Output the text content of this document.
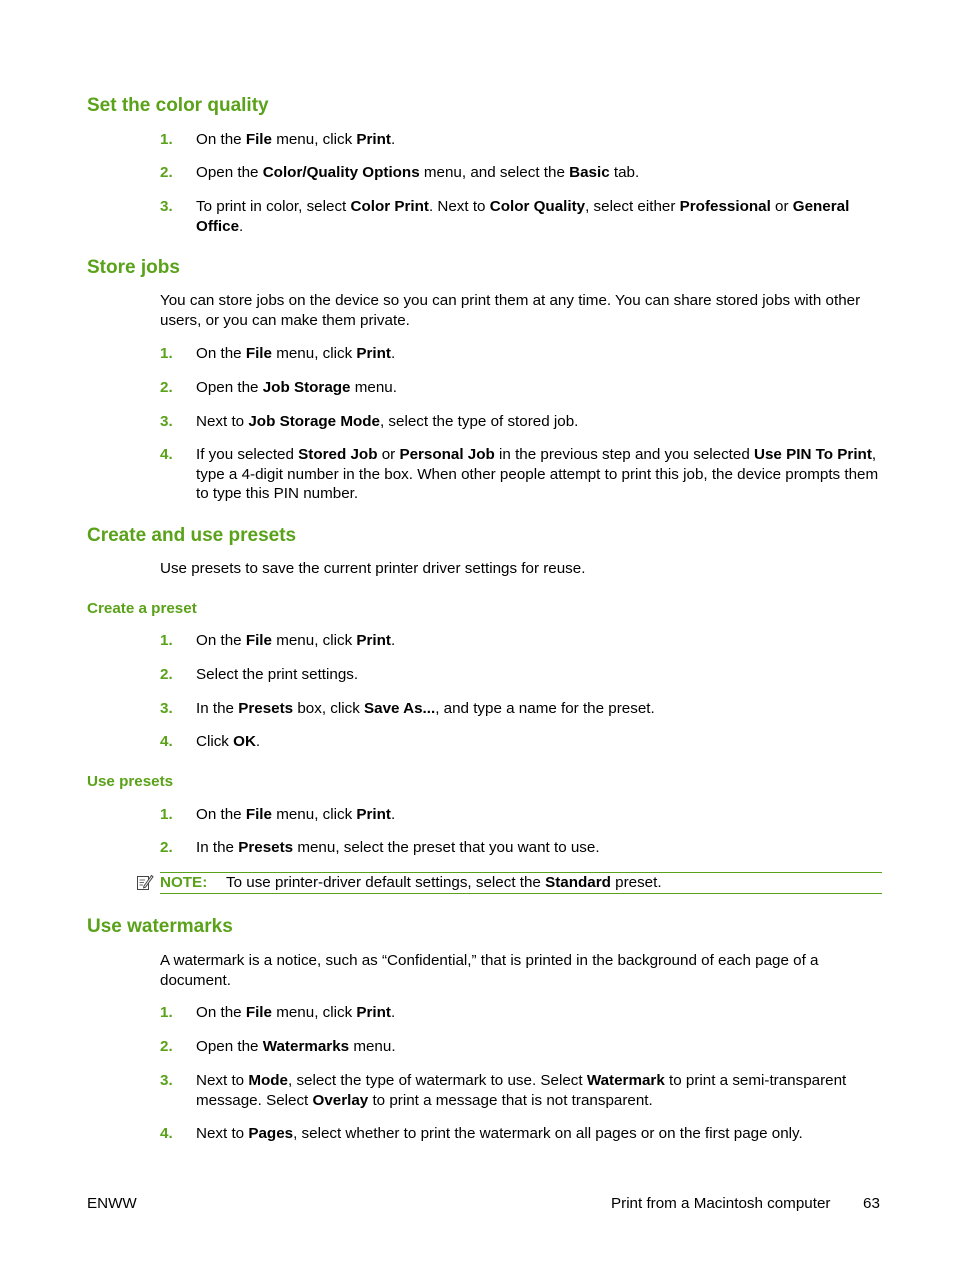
Set the color quality
1. On the File menu, click Print.
2. Open the Color/Quality Options menu, and select the Basic tab.
3. To print in color, select Color Print. Next to Color Quality, select either Professional or General Office.
Store jobs

You can store jobs on the device so you can print them at any time. You can share stored jobs with other users, or you can make them private.

1. On the File menu, click Print.
2. Open the Job Storage menu.
3. Next to Job Storage Mode, select the type of stored job.
4. If you selected Stored Job or Personal Job in the previous step and you selected Use PIN To Print, type a 4-digit number in the box. When other people attempt to print this job, the device prompts them to type this PIN number.
Create and use presets

Use presets to save the current printer driver settings for reuse.

Create a preset
1. On the File menu, click Print.
2. Select the print settings.
3. In the Presets box, click Save As..., and type a name for the preset.
4. Click OK.
Use presets
1. On the File menu, click Print.
2. In the Presets menu, select the preset that you want to use.
NOTE: To use printer-driver default settings, select the Standard preset.
Use watermarks

A watermark is a notice, such as “Confidential,” that is printed in the background of each page of a document.

1. On the File menu, click Print.
2. Open the Watermarks menu.
3. Next to Mode, select the type of watermark to use. Select Watermark to print a semi-transparent message. Select Overlay to print a message that is not transparent.
4. Next to Pages, select whether to print the watermark on all pages or on the first page only.
ENWW	Print from a Macintosh computer 63
